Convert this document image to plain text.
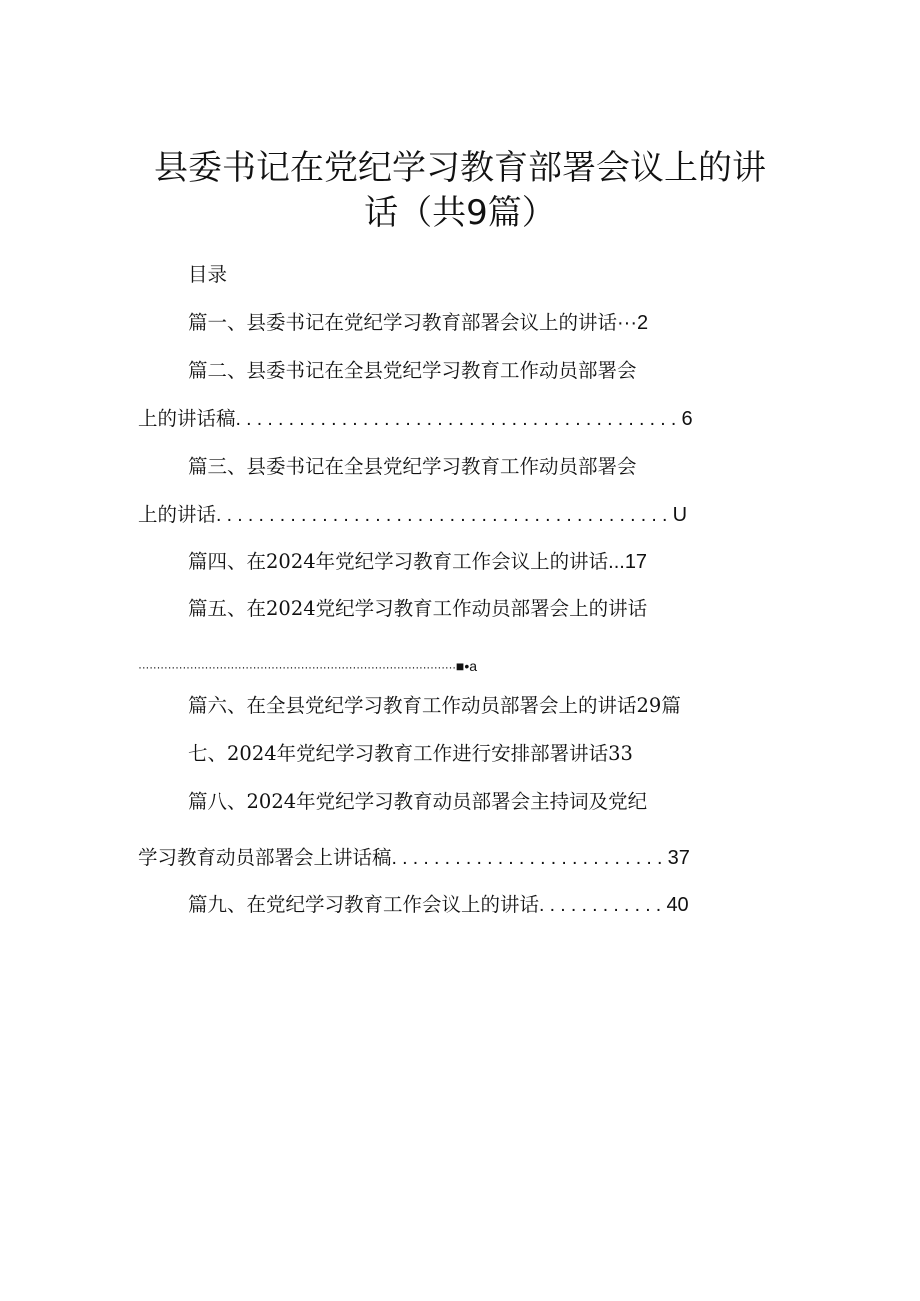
县委书记在党纪学习教育部署会议上的讲
话（共9篇）
目录
篇一、县委书记在党纪学习教育部署会议上的讲话···2
篇二、县委书记在全县党纪学习教育工作动员部署会
上的讲话稿..........................................6
篇三、县委书记在全县党纪学习教育工作动员部署会
上的讲话...........................................U
篇四、在2024年党纪学习教育工作会议上的讲话...17
篇五、在2024党纪学习教育工作动员部署会上的讲话
······················································································■•a
篇六、在全县党纪学习教育工作动员部署会上的讲话29篇
七、2024年党纪学习教育工作进行安排部署讲话33
篇八、2024年党纪学习教育动员部署会主持词及党纪
学习教育动员部署会上讲话稿..........................37
篇九、在党纪学习教育工作会议上的讲话............40
